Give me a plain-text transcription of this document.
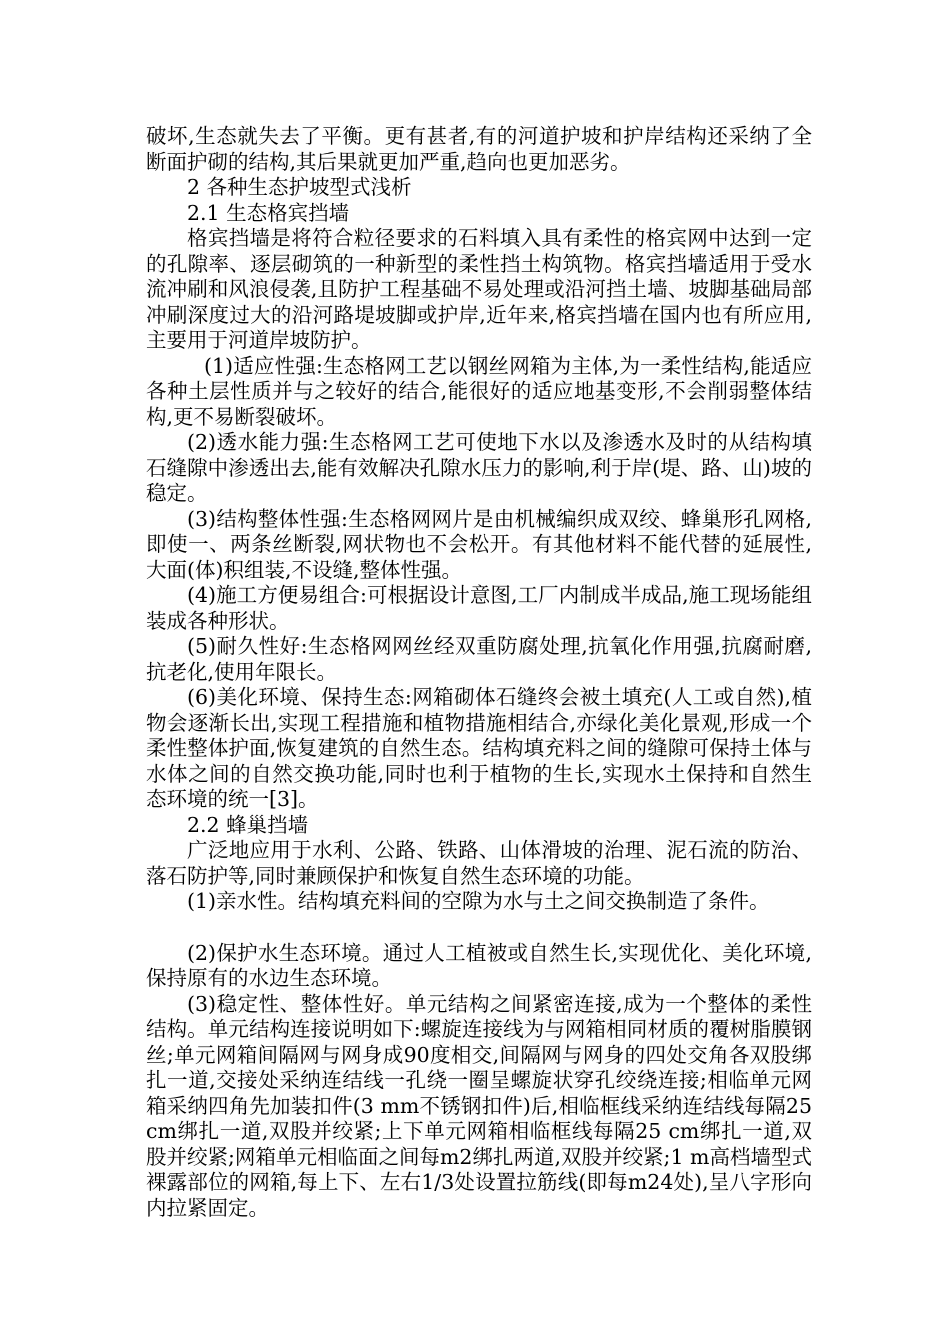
破坏,生态就失去了平衡。更有甚者,有的河道护坡和护岸结构还采纳了全断面护砌的结构,其后果就更加严重,趋向也更加恶劣。

2 各种生态护坡型式浅析

2.1 生态格宾挡墙

格宾挡墙是将符合粒径要求的石料填入具有柔性的格宾网中达到一定的孔隙率、逐层砌筑的一种新型的柔性挡土构筑物。格宾挡墙适用于受水流冲刷和风浪侵袭,且防护工程基础不易处理或沿河挡土墙、坡脚基础局部冲刷深度过大的沿河路堤坡脚或护岸,近年来,格宾挡墙在国内也有所应用,主要用于河道岸坡防护。

(1)适应性强:生态格网工艺以钢丝网箱为主体,为一柔性结构,能适应各种土层性质并与之较好的结合,能很好的适应地基变形,不会削弱整体结构,更不易断裂破坏。

(2)透水能力强:生态格网工艺可使地下水以及渗透水及时的从结构填石缝隙中渗透出去,能有效解决孔隙水压力的影响,利于岸(堤、路、山)坡的稳定。

(3)结构整体性强:生态格网网片是由机械编织成双绞、蜂巢形孔网格,即使一、两条丝断裂,网状物也不会松开。有其他材料不能代替的延展性,大面(体)积组装,不设缝,整体性强。

(4)施工方便易组合:可根据设计意图,工厂内制成半成品,施工现场能组装成各种形状。

(5)耐久性好:生态格网网丝经双重防腐处理,抗氧化作用强,抗腐耐磨,抗老化,使用年限长。

(6)美化环境、保持生态:网箱砌体石缝终会被土填充(人工或自然),植物会逐渐长出,实现工程措施和植物措施相结合,亦绿化美化景观,形成一个柔性整体护面,恢复建筑的自然生态。结构填充料之间的缝隙可保持土体与水体之间的自然交换功能,同时也利于植物的生长,实现水土保持和自然生态环境的统一[3]。

2.2 蜂巢挡墙

广泛地应用于水利、公路、铁路、山体滑坡的治理、泥石流的防治、落石防护等,同时兼顾保护和恢复自然生态环境的功能。

(1)亲水性。结构填充料间的空隙为水与土之间交换制造了条件。

(2)保护水生态环境。通过人工植被或自然生长,实现优化、美化环境,保持原有的水边生态环境。

(3)稳定性、整体性好。单元结构之间紧密连接,成为一个整体的柔性结构。单元结构连接说明如下:螺旋连接线为与网箱相同材质的覆树脂膜钢丝;单元网箱间隔网与网身成90度相交,间隔网与网身的四处交角各双股绑扎一道,交接处采纳连结线一孔绕一圈呈螺旋状穿孔绞绕连接;相临单元网箱采纳四角先加装扣件(3 mm不锈钢扣件)后,相临框线采纳连结线每隔25 cm绑扎一道,双股并绞紧;上下单元网箱相临框线每隔25 cm绑扎一道,双股并绞紧;网箱单元相临面之间每m2绑扎两道,双股并绞紧;1 m高档墙型式裸露部位的网箱,每上下、左右1/3处设置拉筋线(即每m24处),呈八字形向内拉紧固定。
